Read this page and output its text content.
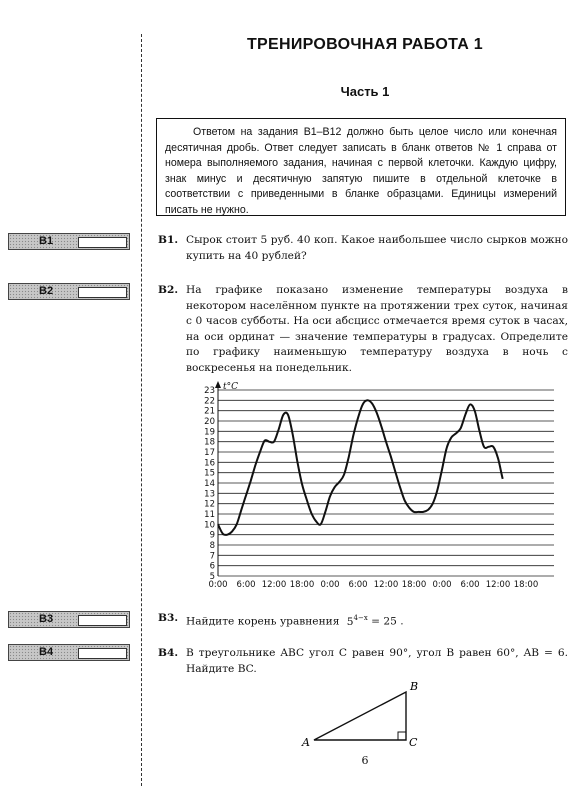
ТРЕНИРОВОЧНАЯ РАБОТА 1
Часть 1
Ответом на задания В1–В12 должно быть целое число или конечная десятичная дробь. Ответ следует записать в бланк ответов № 1 справа от номера выполняемого задания, начиная с первой клеточки. Каждую цифру, знак минус и десятичную запятую пишите в отдельной клеточке в соответствии с приведенными в бланке образцами. Единицы измерений писать не нужно.
B1
B2
B3
B4
B1. Сырок стоит 5 руб. 40 коп. Какое наибольшее число сырков можно купить на 40 рублей?
B2. На графике показано изменение температуры воздуха в некотором населённом пункте на протяжении трех суток, начиная с 0 часов субботы. На оси абсцисс отмечается время суток в часах, на оси ординат — значение температуры в градусах. Определите по графику наименьшую температуру воздуха в ночь с воскресенья на понедельник.
B3. Найдите корень уравнения $5^{4-x} = 25$ .
B4. В треугольнике ABC угол C равен 90°, угол B равен 60°, AB = 6. Найдите BC.
5
6
7
8
9
10
11
12
13
14
15
16
17
18
19
20
21
22
23 t°C
0:00 6:00 12:00 18:00 0:00 6:00 12:00 18:00 0:00 6:00 12:00 18:00
A
B
C
6
